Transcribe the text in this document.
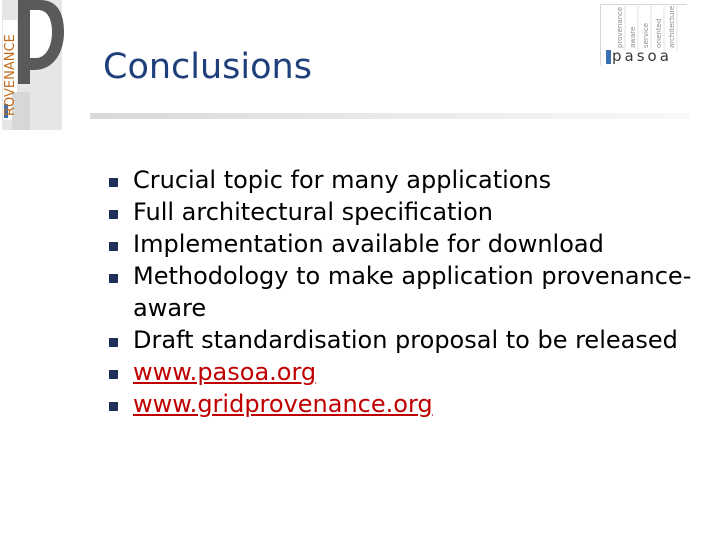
ROVENANCE Conclusions
provenance aware service oriented architecture
pasoa
Crucial topic for many applications
Full architectural specification
Implementation available for download
Methodology to make application provenance-aware
Draft standardisation proposal to be released
www.pasoa.org
www.gridprovenance.org
